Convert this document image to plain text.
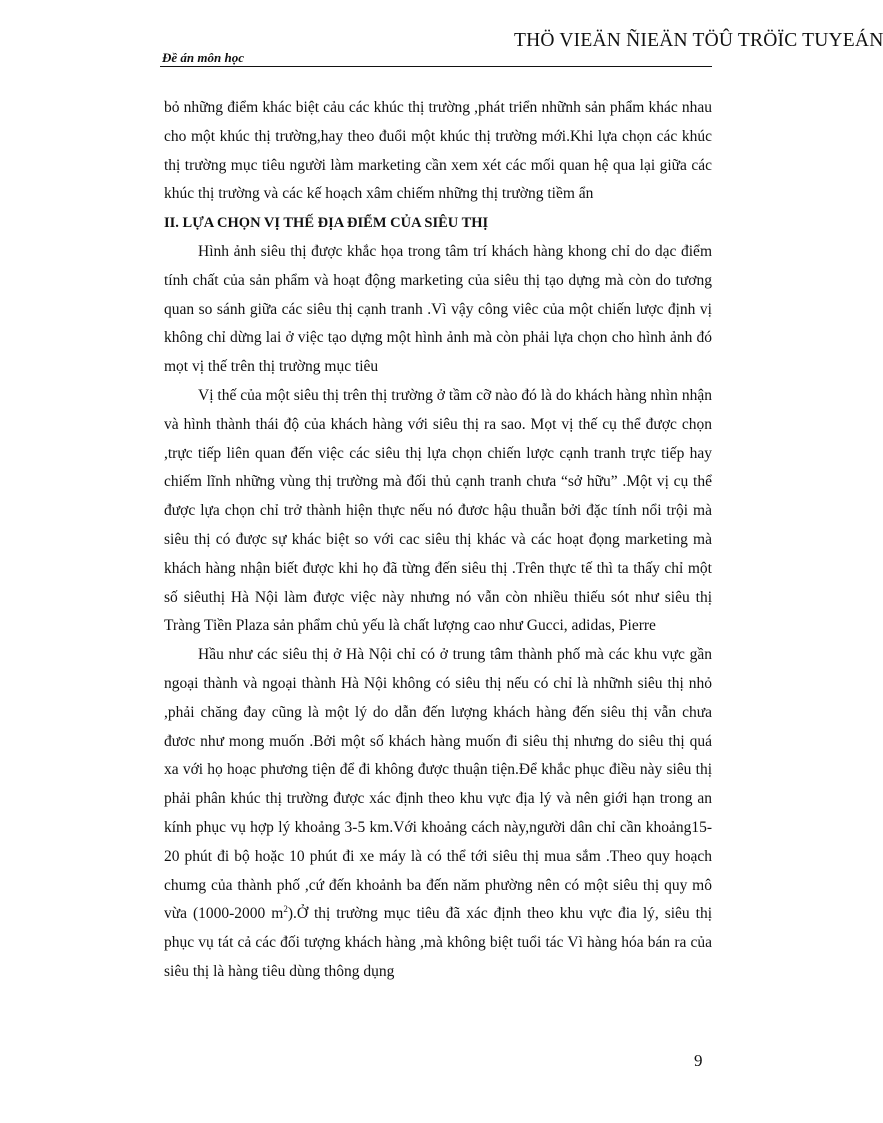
Đề án môn học
THÖ VIEÄN ÑIEÄN TÖÛ TRÖÏC TUYEÁN

bỏ những điểm khác biệt cảu các khúc thị trường ,phát triển nhữnh sản phẩm khác nhau cho một khúc thị trường,hay theo đuổi một khúc thị trường mới.Khi lựa chọn các khúc thị trường mục tiêu người làm marketing cần xem xét các mối quan hệ qua lại giữa các khúc thị trường và các kế hoạch xâm chiếm những thị trường tiềm ẩn

II. LỰA CHỌN VỊ THẾ ĐỊA ĐIỂM CỦA SIÊU THỊ

Hình ảnh siêu thị được khắc họa trong tâm trí khách hàng khong chỉ do dạc điểm tính chất của sản phẩm và hoạt động marketing của siêu thị tạo dựng mà còn do tương quan so sánh giữa các siêu thị cạnh tranh .Vì vậy công viêc của một chiến lược định vị không chỉ dừng lai ở việc tạo dựng một hình ảnh mà còn phải lựa chọn cho hình ảnh đó mọt vị thế trên thị trường mục tiêu

Vị thế của một siêu thị trên thị trường ở tầm cỡ nào đó là do khách hàng nhìn nhận và hình thành thái độ của khách hàng với siêu thị ra sao. Mọt vị thế cụ thể được chọn ,trực tiếp liên quan đến việc các siêu thị lựa chọn chiến lược cạnh tranh trực tiếp hay chiếm lĩnh những vùng thị trường mà đối thủ cạnh tranh chưa “sở hữu” .Một vị cụ thể được lựa chọn chỉ trở thành hiện thực nếu nó đươc hậu thuẫn bởi đặc tính nổi trội mà siêu thị có được sự khác biệt so với cac siêu thị khác và các hoạt đọng marketing mà khách hàng nhận biết được khi họ đã từng đến siêu thị .Trên thực tế thì ta thấy chỉ một số siêuthị Hà Nội làm được việc này nhưng nó vẫn còn nhiều thiếu sót như siêu thị Tràng Tiền Plaza sản phẩm chủ yếu là chất lượng cao như Gucci, adidas, Pierre

Hầu như các siêu thị ở Hà Nội chỉ có ở trung tâm thành phố mà các khu vực gần ngoại thành và ngoại thành Hà Nội không có siêu thị nếu có chỉ là nhữnh siêu thị nhỏ ,phải chăng đay cũng là một lý do dẫn đến lượng khách hàng đến siêu thị vẫn chưa đươc như mong muốn .Bởi một số khách hàng muốn đi siêu thị nhưng do siêu thị quá xa với họ hoạc phương tiện để đi không được thuận tiện.Để khắc phục điều này siêu thị phải phân khúc thị trường được xác định theo khu vực địa lý và nên giới hạn trong an kính phục vụ hợp lý khoảng 3-5 km.Với khoảng cách này,người dân chỉ cần khoảng15-20 phút đi bộ hoặc 10 phút đi xe máy là có thể tới siêu thị mua sắm .Theo quy hoạch chumg của thành phố ,cứ đến khoảnh ba đến năm phường nên có một siêu thị quy mô vừa (1000-2000 $m^2).Ở$ thị trường mục tiêu đã xác định theo khu vực đia lý, siêu thị phục vụ tát cả các đối tượng khách hàng ,mà không biệt tuổi tác Vì hàng hóa bán ra của siêu thị là hàng tiêu dùng thông dụng

9
